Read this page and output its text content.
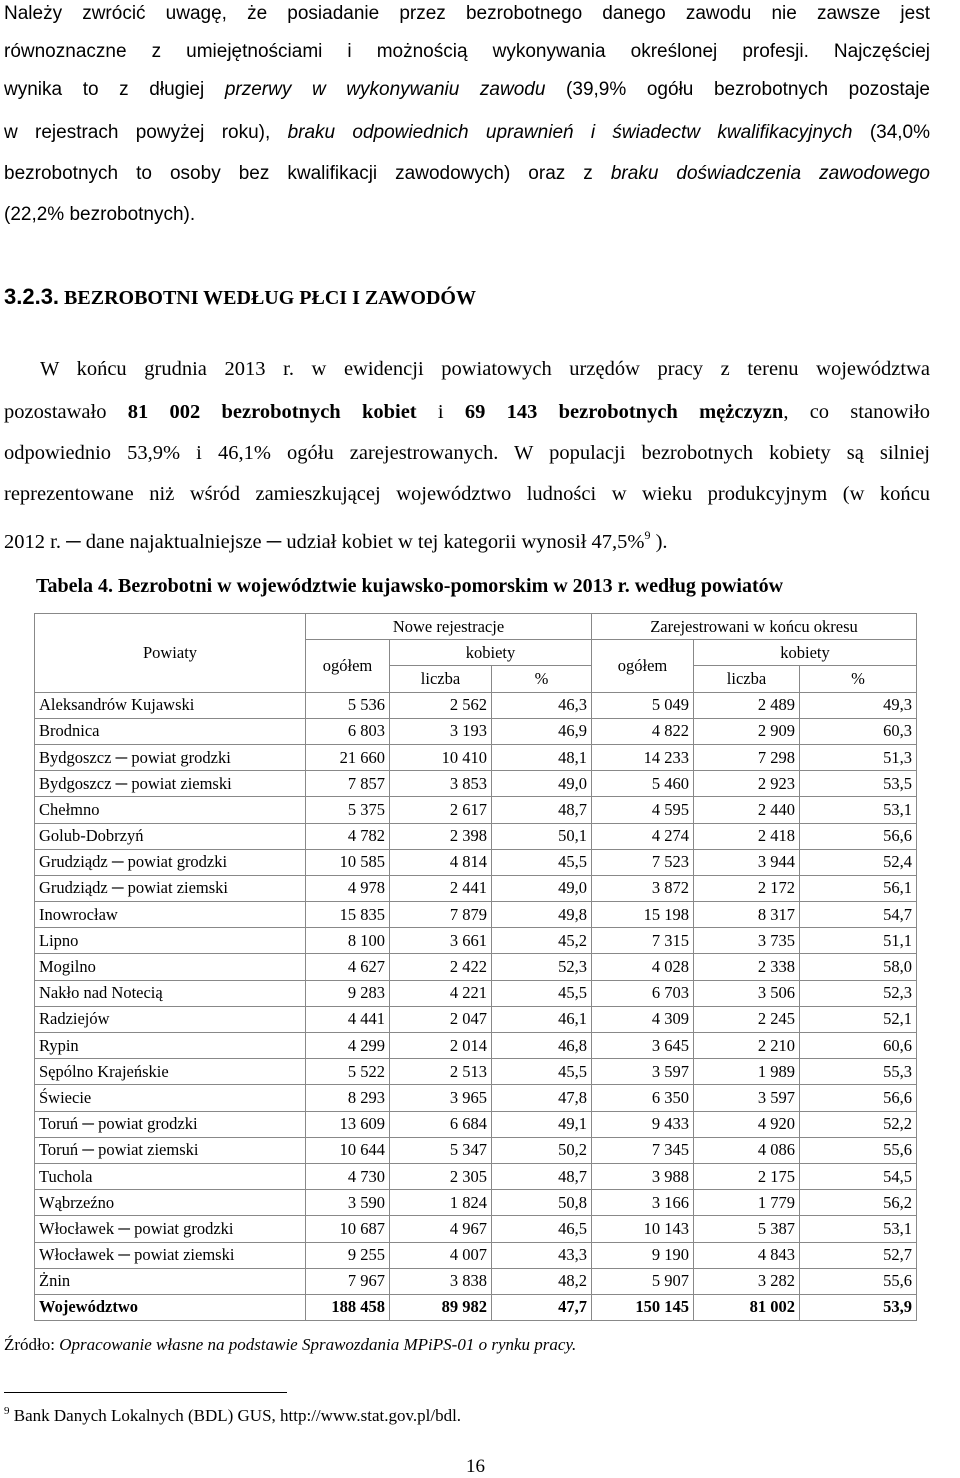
Należy zwrócić uwagę, że posiadanie przez bezrobotnego danego zawodu nie zawsze jest
równoznaczne z umiejętnościami i możnością wykonywania określonej profesji. Najczęściej
wynika to z długiej przerwy w wykonywaniu zawodu (39,9% ogółu bezrobotnych pozostaje
w rejestrach powyżej roku), braku odpowiednich uprawnień i świadectw kwalifikacyjnych (34,0%
bezrobotnych to osoby bez kwalifikacji zawodowych) oraz z braku doświadczenia zawodowego
(22,2% bezrobotnych).
3.2.3. BEZROBOTNI WEDŁUG PŁCI I ZAWODÓW
W końcu grudnia 2013 r. w ewidencji powiatowych urzędów pracy z terenu województwa
pozostawało 81 002 bezrobotnych kobiet i 69 143 bezrobotnych mężczyzn, co stanowiło
odpowiednio 53,9% i 46,1% ogółu zarejestrowanych. W populacji bezrobotnych kobiety są silniej
reprezentowane niż wśród zamieszkującej województwo ludności w wieku produkcyjnym (w końcu
2012 r. ─ dane najaktualniejsze ─ udział kobiet w tej kategorii wynosił 47,5%$^9$ ).
Tabela 4. Bezrobotni w województwie kujawsko-pomorskim w 2013 r. według powiatów
Powiaty	Nowe rejestracje			Zarejestrowani w końcu okresu		
	ogółem	kobiety		ogółem	kobiety	
		liczba	%		liczba	%
Aleksandrów Kujawski	5 536	2 562	46,3	5 049	2 489	49,3
Brodnica	6 803	3 193	46,9	4 822	2 909	60,3
Bydgoszcz ─ powiat grodzki	21 660	10 410	48,1	14 233	7 298	51,3
Bydgoszcz ─ powiat ziemski	7 857	3 853	49,0	5 460	2 923	53,5
Chełmno	5 375	2 617	48,7	4 595	2 440	53,1
Golub-Dobrzyń	4 782	2 398	50,1	4 274	2 418	56,6
Grudziądz ─ powiat grodzki	10 585	4 814	45,5	7 523	3 944	52,4
Grudziądz ─ powiat ziemski	4 978	2 441	49,0	3 872	2 172	56,1
Inowrocław	15 835	7 879	49,8	15 198	8 317	54,7
Lipno	8 100	3 661	45,2	7 315	3 735	51,1
Mogilno	4 627	2 422	52,3	4 028	2 338	58,0
Nakło nad Notecią	9 283	4 221	45,5	6 703	3 506	52,3
Radziejów	4 441	2 047	46,1	4 309	2 245	52,1
Rypin	4 299	2 014	46,8	3 645	2 210	60,6
Sępólno Krajeńskie	5 522	2 513	45,5	3 597	1 989	55,3
Świecie	8 293	3 965	47,8	6 350	3 597	56,6
Toruń ─ powiat grodzki	13 609	6 684	49,1	9 433	4 920	52,2
Toruń ─ powiat ziemski	10 644	5 347	50,2	7 345	4 086	55,6
Tuchola	4 730	2 305	48,7	3 988	2 175	54,5
Wąbrzeźno	3 590	1 824	50,8	3 166	1 779	56,2
Włocławek ─ powiat grodzki	10 687	4 967	46,5	10 143	5 387	53,1
Włocławek ─ powiat ziemski	9 255	4 007	43,3	9 190	4 843	52,7
Żnin	7 967	3 838	48,2	5 907	3 282	55,6
Województwo	188 458	89 982	47,7	150 145	81 002	53,9
Źródło: Opracowanie własne na podstawie Sprawozdania MPiPS-01 o rynku pracy.
$^9$ Bank Danych Lokalnych (BDL) GUS, http://www.stat.gov.pl/bdl.
16
